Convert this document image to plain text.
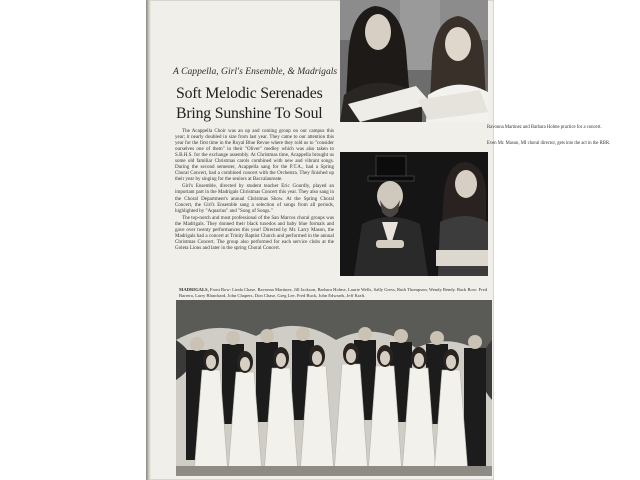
Ravonna Martinez and Barbara Holme practice for a concert.
Even Mr. Mason, MI choral director, gets into the act in the RBR.
A Cappella, Girl's Ensemble, & Madrigals
Soft Melodic Serenades
Bring Sunshine To Soul

The Acappella Choir was an up and coming group on our campus this year; it nearly doubled in size from last year. They came to our attention this year for the first time in the Royal Blue Revue where they told us to "consider ourselves one of them" in their "Oliver" medley which was also taken to S.B.H.S. for the exchange assembly. At Christmas time, Acappella brought us some old familiar Christmas carols combined with new and vibrant songs. During the second semester, Acappella sang for the P.T.A., had a Spring Choral Concert, had a combined concert with the Orchestra. They finished up their year by singing for the seniors at Baccalaureate.

Girl's Ensemble, directed by student teacher Eric Gourdly, played an important part in the Madrigals Christmas Concert this year. They also sang in the Choral Department's annual Christmas Show. At the Spring Choral Concert, the Girl's Ensemble sang a selection of songs from all periods, highlighted by "Aquarius" and "Song of Songs."

The top-notch and most professional of the San Marcos choral groups was the Madrigals. They donned their black tuxedos and baby blue formals and gave over twenty performances this year! Directed by Mr. Larry Mason, the Madrigals had a concert at Trinity Baptist Church and performed in the annual Christmas Concert. The group also performed for each service clubs at the Goleta Lions and later in the spring Choral Concert.

MADRIGALS, Front Row: Linda Chase, Ravonna Martinez, Jill Jackson, Barbara Holme, Laurie Wells, Sally Gress, Ruth Thompson, Wendy Bendy. Back Row: Fred Barrera, Larry Blanchard, John Chapers, Don Chase, Greg Lee, Fred Buck, John Edwards, Jeff Kraft.
